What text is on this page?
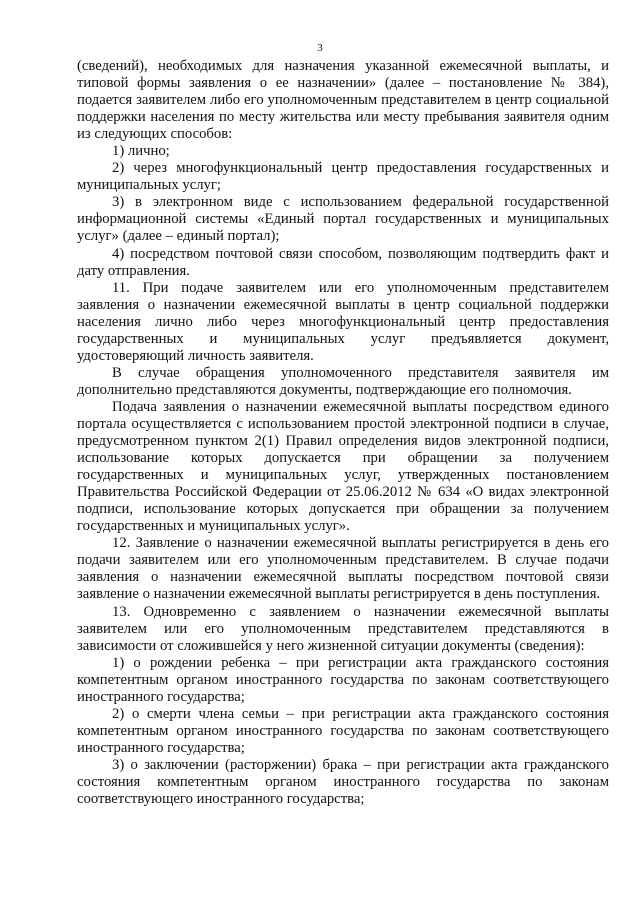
3

(сведений), необходимых для назначения указанной ежемесячной выплаты, и типовой формы заявления о ее назначении» (далее – постановление № 384), подается заявителем либо его уполномоченным представителем в центр социальной поддержки населения по месту жительства или месту пребывания заявителя одним из следующих способов:

1) лично;

2) через многофункциональный центр предоставления государственных и муниципальных услуг;

3) в электронном виде с использованием федеральной государственной информационной системы «Единый портал государственных и муниципальных услуг» (далее – единый портал);

4) посредством почтовой связи способом, позволяющим подтвердить факт и дату отправления.

11. При подаче заявителем или его уполномоченным представителем заявления о назначении ежемесячной выплаты в центр социальной поддержки населения лично либо через многофункциональный центр предоставления государственных и муниципальных услуг предъявляется документ, удостоверяющий личность заявителя.

В случае обращения уполномоченного представителя заявителя им дополнительно представляются документы, подтверждающие его полномочия.

Подача заявления о назначении ежемесячной выплаты посредством единого портала осуществляется с использованием простой электронной подписи в случае, предусмотренном пунктом 2(1) Правил определения видов электронной подписи, использование которых допускается при обращении за получением государственных и муниципальных услуг, утвержденных постановлением Правительства Российской Федерации от 25.06.2012 № 634 «О видах электронной подписи, использование которых допускается при обращении за получением государственных и муниципальных услуг».

12. Заявление о назначении ежемесячной выплаты регистрируется в день его подачи заявителем или его уполномоченным представителем. В случае подачи заявления о назначении ежемесячной выплаты посредством почтовой связи заявление о назначении ежемесячной выплаты регистрируется в день поступления.

13. Одновременно с заявлением о назначении ежемесячной выплаты заявителем или его уполномоченным представителем представляются в зависимости от сложившейся у него жизненной ситуации документы (сведения):

1) о рождении ребенка – при регистрации акта гражданского состояния компетентным органом иностранного государства по законам соответствующего иностранного государства;

2) о смерти члена семьи – при регистрации акта гражданского состояния компетентным органом иностранного государства по законам соответствующего иностранного государства;

3) о заключении (расторжении) брака – при регистрации акта гражданского состояния компетентным органом иностранного государства по законам соответствующего иностранного государства;
